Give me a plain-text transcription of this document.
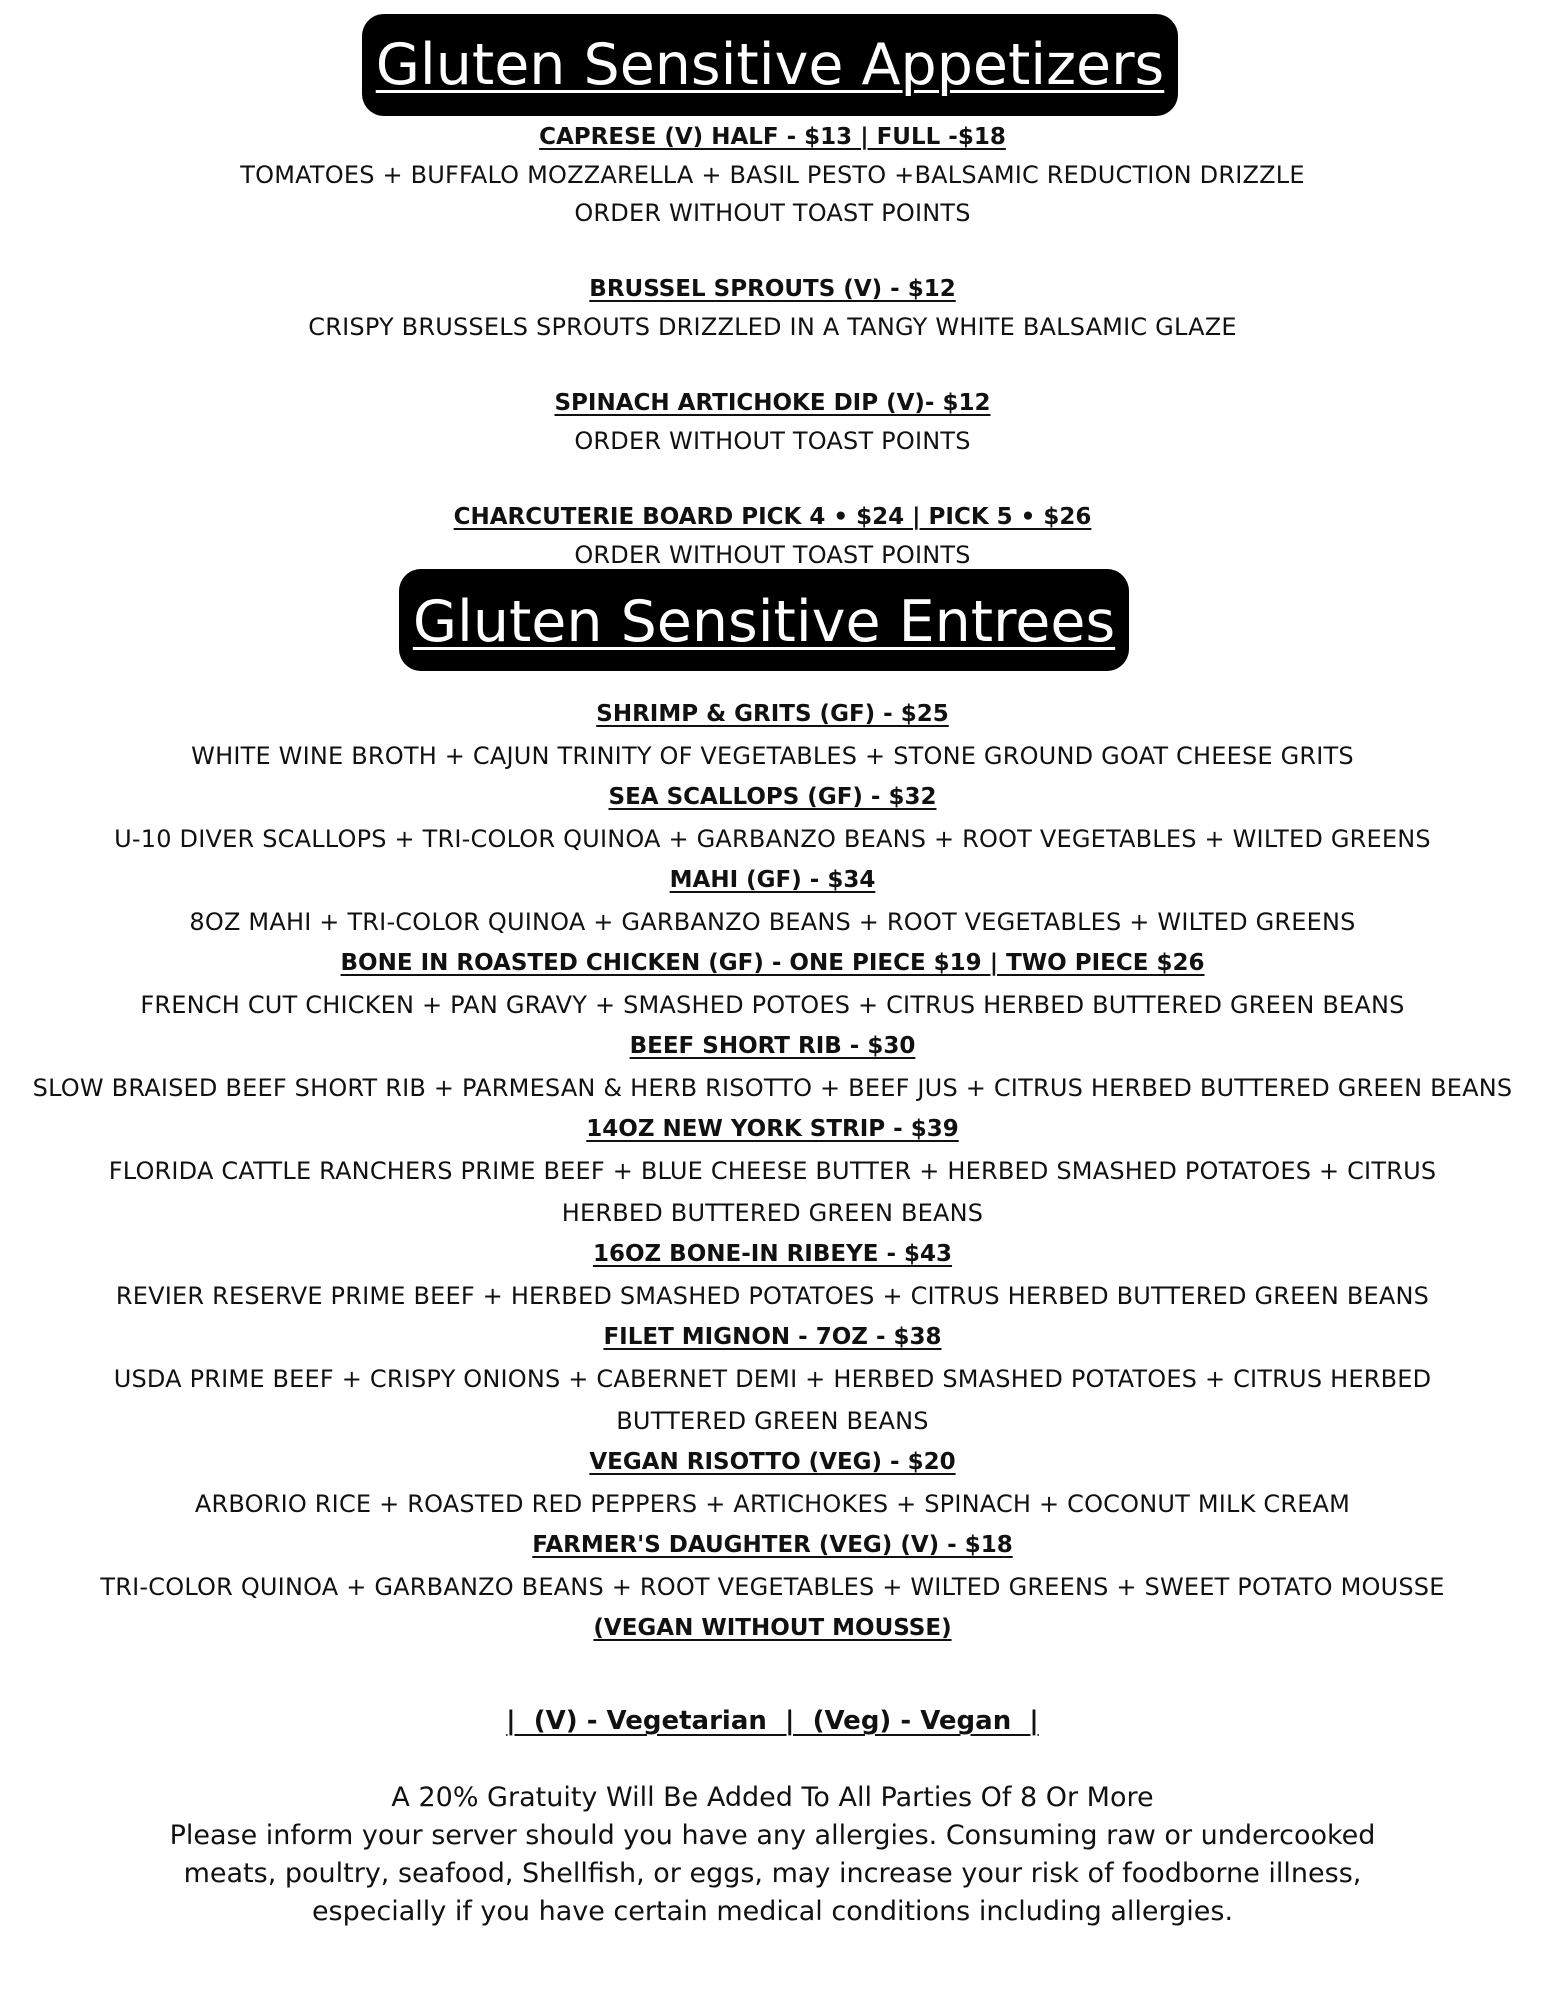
Gluten Sensitive Appetizers
CAPRESE (V) HALF - $13 | FULL -$18
TOMATOES + BUFFALO MOZZARELLA + BASIL PESTO +BALSAMIC REDUCTION DRIZZLE
ORDER WITHOUT TOAST POINTS
BRUSSEL SPROUTS (V) - $12
CRISPY BRUSSELS SPROUTS DRIZZLED IN A TANGY WHITE BALSAMIC GLAZE
SPINACH ARTICHOKE DIP (V)- $12
ORDER WITHOUT TOAST POINTS
CHARCUTERIE BOARD PICK 4 • $24 | PICK 5 • $26
ORDER WITHOUT TOAST POINTS
Gluten Sensitive Entrees
SHRIMP & GRITS (GF) - $25
WHITE WINE BROTH + CAJUN TRINITY OF VEGETABLES + STONE GROUND GOAT CHEESE GRITS
SEA SCALLOPS (GF) - $32
U-10 DIVER SCALLOPS + TRI-COLOR QUINOA + GARBANZO BEANS + ROOT VEGETABLES + WILTED GREENS
MAHI (GF) - $34
8OZ MAHI + TRI-COLOR QUINOA + GARBANZO BEANS + ROOT VEGETABLES + WILTED GREENS
BONE IN ROASTED CHICKEN (GF) - ONE PIECE $19 | TWO PIECE $26
FRENCH CUT CHICKEN + PAN GRAVY + SMASHED POTOES + CITRUS HERBED BUTTERED GREEN BEANS
BEEF SHORT RIB - $30
SLOW BRAISED BEEF SHORT RIB + PARMESAN & HERB RISOTTO + BEEF JUS + CITRUS HERBED BUTTERED GREEN BEANS
14OZ NEW YORK STRIP - $39
FLORIDA CATTLE RANCHERS PRIME BEEF + BLUE CHEESE BUTTER + HERBED SMASHED POTATOES + CITRUS HERBED BUTTERED GREEN BEANS
16OZ BONE-IN RIBEYE - $43
REVIER RESERVE PRIME BEEF + HERBED SMASHED POTATOES + CITRUS HERBED BUTTERED GREEN BEANS
FILET MIGNON - 7OZ - $38
USDA PRIME BEEF + CRISPY ONIONS + CABERNET DEMI + HERBED SMASHED POTATOES + CITRUS HERBED BUTTERED GREEN BEANS
VEGAN RISOTTO (VEG) - $20
ARBORIO RICE + ROASTED RED PEPPERS + ARTICHOKES + SPINACH + COCONUT MILK CREAM
FARMER'S DAUGHTER (VEG) (V) - $18
TRI-COLOR QUINOA + GARBANZO BEANS + ROOT VEGETABLES + WILTED GREENS + SWEET POTATO MOUSSE
(VEGAN WITHOUT MOUSSE)
|  (V) - Vegetarian  |  (Veg) - Vegan  |
A 20% Gratuity Will Be Added To All Parties Of 8 Or More
Please inform your server should you have any allergies. Consuming raw or undercooked meats, poultry, seafood, Shellfish, or eggs, may increase your risk of foodborne illness, especially if you have certain medical conditions including allergies.
